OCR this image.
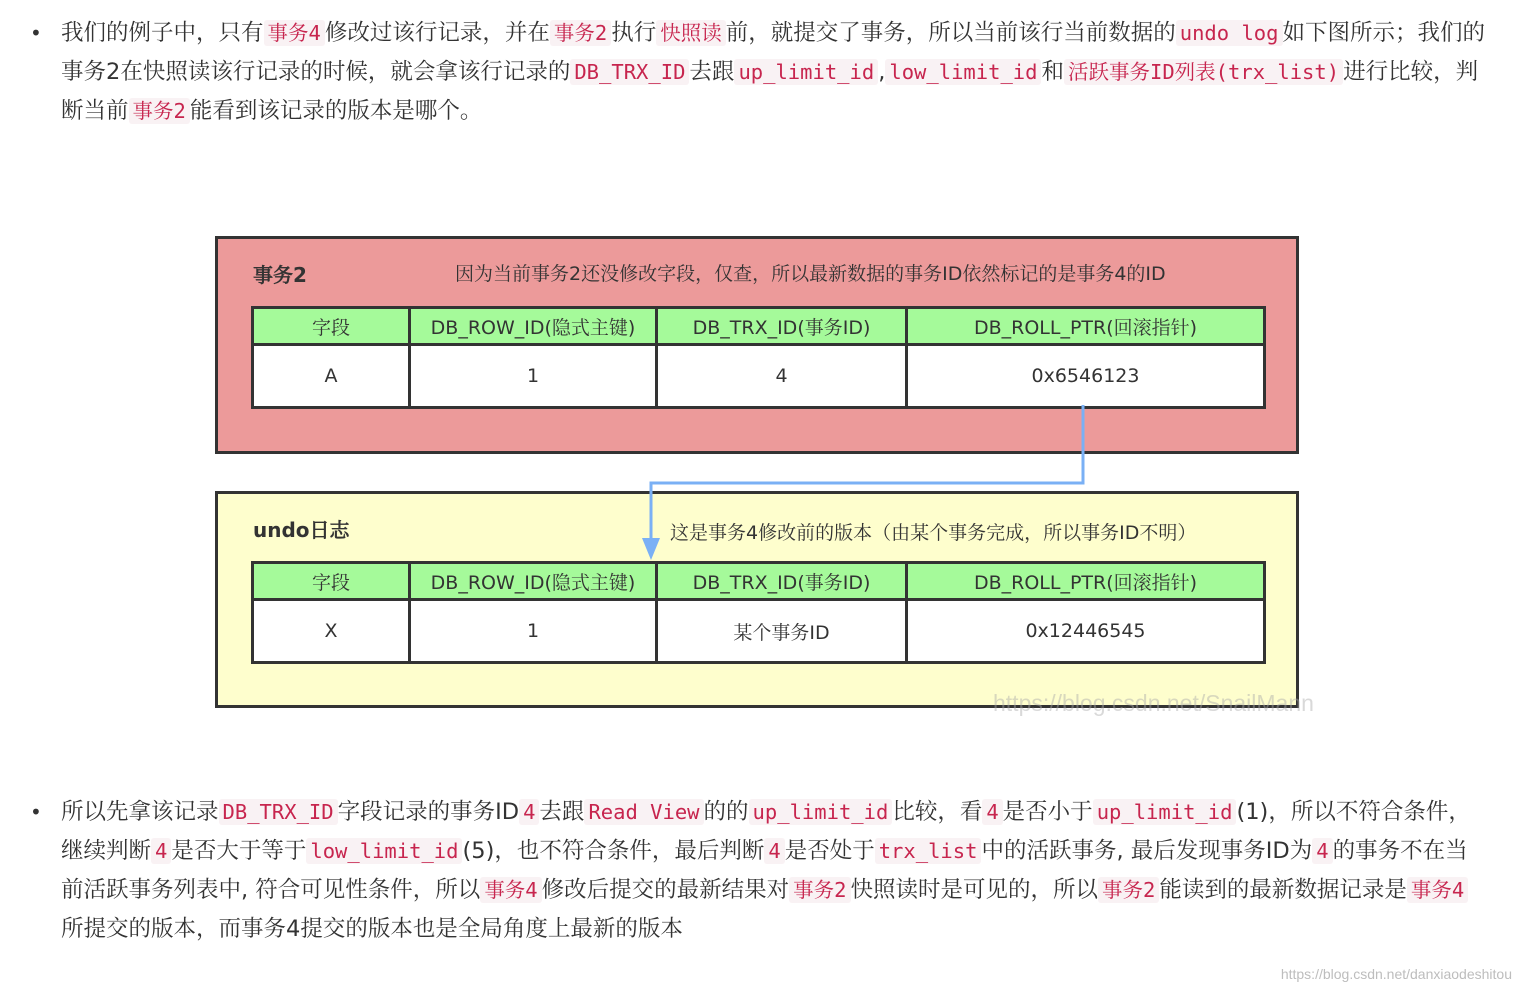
• 我们的例子中，只有 事务4 修改过该行记录，并在 事务2 执行 快照读 前，就提交了事务，所以当前该行当前数据的 undo log 如下图所示；我们的事务2在快照读该行记录的时候，就会拿该行记录的 DB_TRX_ID 去跟 up_limit_id , low_limit_id 和 活跃事务ID列表(trx_list) 进行比较，判断当前 事务2 能看到该记录的版本是哪个。
事务2	因为当前事务2还没修改字段，仅查，所以最新数据的事务ID依然标记的是事务4的ID
字段	DB_ROW_ID(隐式主键)	DB_TRX_ID(事务ID)	DB_ROLL_PTR(回滚指针)
A	1	4	0x6546123
undo日志	这是事务4修改前的版本（由某个事务完成，所以事务ID不明）
字段	DB_ROW_ID(隐式主键)	DB_TRX_ID(事务ID)	DB_ROLL_PTR(回滚指针)
X	1	某个事务ID	0x12446545
https://blog.csdn.net/SnailMann
• 所以先拿该记录 DB_TRX_ID 字段记录的事务ID 4 去跟 Read View 的的 up_limit_id 比较，看 4 是否小于 up_limit_id (1)，所以不符合条件，继续判断 4 是否大于等于 low_limit_id (5)，也不符合条件，最后判断 4 是否处于 trx_list 中的活跃事务, 最后发现事务ID为 4 的事务不在当前活跃事务列表中, 符合可见性条件，所以 事务4 修改后提交的最新结果对 事务2 快照读时是可见的，所以 事务2 能读到的最新数据记录是 事务4所提交的版本，而事务4提交的版本也是全局角度上最新的版本
https://blog.csdn.net/danxiaodeshitou
